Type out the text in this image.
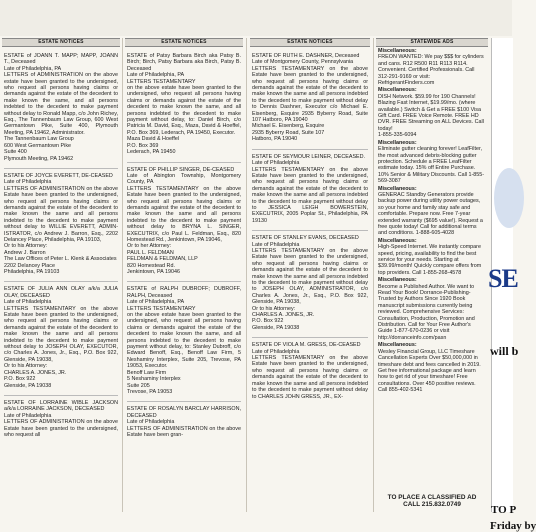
ESTATE NOTICES
ESTATE of JOANN T. MAPP; MAPP, JOANN T., Deceased
Late of Philadelphia, PA
LETTERS of ADMINISTRATION on the above estate have been granted to the undersigned, who request all persons having claims or demands against the estate of the decedent to make known the same, and all persons indebted to the decedent to make payment without delay to Ronald Mapp, c/o John Richey, Esq., The Tannenbaum Law Group, 600 West Germantown Pike, Suite 400, Plymouth Meeting, PA 19462, Administrator.
The Tannenbaum Law Group
600 West Germantown Pike
Suite 400
Plymouth Meeting, PA 19462
ESTATE OF JOYCE EVERETT, DE-CEASED
Late of Philadelphia
LETTERS OF ADMINISTRATION on the above Estate have been granted to the undersigned, who request all persons having claims or demands against the estate of the decedent to make known the same and all persons indebted to the decedent to make payment without delay to WILLIE EVERETT, ADMIN-ISTRATOR, c/o Andrew J. Barron, Esq., 2202 Delancey Place, Philadelphia, PA 19103,
Or to his Attorney:
Andrew J. Barron
The Law Offices of Peter L. Klenk & Associates
2202 Delancey Place
Philadelphia, PA 19103
ESTATE OF JULIA ANN OLAY a/k/a JULIA OLAY, DECEASED
Late of Philadelphia
LETTERS TESTAMENTARY on the above Estate have been granted to the undersigned, who request all persons having claims or demands against the estate of the decedent to make known the same and all persons indebted to the decedent to make payment without delay to JOSEPH OLAY, EXECUTOR, c/o Charles A. Jones, Jr., Esq., P.O. Box 922, Glenside, PA 19038,
Or to his Attorney:
CHARLES A. JONES, JR.
P.O. Box 922
Glenside, PA 19038
ESTATE OF LORRAINE WIBLE JACKSON a/k/a LORRAINE JACKSON, DECEASED
Late of Philadelphia
LETTERS OF ADMINISTRATION on the above Estate have been granted to the undersigned, who request all
ESTATE NOTICES
ESTATE of Patsy Barbara Birch aka Patsy B. Birch; Birch, Patsy Barbara aka Birch, Patsy B. Deceased
Late of Philadelphia, PA
LETTERS TESTAMENTARY
on the above estate have been granted to the undersigned, who request all persons having claims or demands against the estate of the decedent to make known the same, and all persons indebted to the decedent to make payment without delay, to: Daniel Birch, c/o Patricia M. David, Esq., Maza, David & Hoeffel, P.O. Box 369, Lederach, PA 19450, Executor.
Maza David & Hoeffel
P.O. Box 369
Lederach, PA 19450
ESTATE OF PHILLIP SINGER, DE-CEASED
Late of Abington Township, Montgomery County, PA
LETTERS TESTAMENTARY on the above Estate have been granted to the undersigned, who request all persons having claims or demands against the estate of the decedent to make known the same and all persons indebted to the decedent to make payment without delay to BRYNA L. SINGER, EXECUTRIX, c/o Paul L. Feldman, Esq., 820 Homestead Rd., Jenkintown, PA 19046,
Or to her Attorney:
PAUL L. FELDMAN
FELDMAN & FELDMAN, LLP
820 Homestead Rd.
Jenkintown, PA 19046
ESTATE of RALPH DUBROFF; DUBROFF, RALPH, Deceased
Late of Philadelphia, PA
LETTERS TESTAMENTARY
on the above estate have been granted to the undersigned, who request all persons having claims or demands against the estate of the decedent to make known the same, and all persons indebted to the decedent to make payment without delay, to: Stanley Dubroff, c/o Edward Benoff, Esq., Benoff Law Firm, 5 Neshaminy Interplex, Suite 205, Trevose, PA 19053, Executor.
Benoff Law Firm
5 Neshaminy Interplex
Suite 205
Trevose, PA 19053
ESTATE OF ROSALYN BARCLAY HARRISON, DECEASED
Late of Philadelphia
LETTERS OF ADMINISTRATION on the above Estate have been gran-
ESTATE NOTICES
ESTATE OF RUTH E. DASHNER, Deceased
Late of Montgomery County, Pennsylvania
LETTERS TESTAMENTARY on the above Estate have been granted to the undersigned, who request all persons having claims or demands against the estate of the decedent to make known the same and all persons indebted to the decedent to make payment without delay to Dennis Dashner, Executor c/o Michael E. Eisenberg, Esquire 2935 Byberry Road, Suite 107 Hatboro, PA 19040
Michael E. Eisenberg, Esquire
2935 Byberry Road, Suite 107
Hatboro, PA 19040
ESTATE OF SEYMOUR LEINER, DECEASED.
Late of Philadelphia
LETTERS TESTAMENTARY on the above Estate have been granted to the undersigned, who request all persons having claims or demands against the estate of the decedent to make known the same and all persons indebted to the decedent to make payment without delay to JESSICA LEIGH BOWERSTEIN, EXECUTRIX, 2005 Poplar St., Philadelphia, PA 19130
ESTATE OF STANLEY EVANS, DECEASED
Late of Philadelphia
LETTERS TESTAMENTARY on the above Estate have been granted to the undersigned, who request all persons having claims or demands against the estate of the decedent to make known the same and all persons indebted to the decedent to make payment without delay to JOSEPH OLAY, ADMINISTRATOR, c/o Charles A. Jones, Jr., Esq., P.O. Box 922, Glenside, PA 19038,
Or to his Attorney:
CHARLES A. JONES, JR.
P.O. Box 922
Glenside, PA 19038
ESTATE OF VIOLA M. GRESS, DE-CEASED
Late of Philadelphia
LETTERS TESTAMENTARY on the above Estate have been granted to the undersigned, who request all persons having claims or demands against the estate of the decedent to make known the same and all persons indebted to the decedent to make payment without delay to CHARLES JOHN GRESS, JR., EX-
STATEWIDE ADS
Miscellaneous:
FREON WANTED: We pay $$$ for cylinders and cans. R12 R500 R11 R113 R114. Convenient. Certified Professionals. Call 312-291-9169 or visit:
RefrigerantFinders.com
Miscellaneous:
DISH Network. $59.99 for 190 Channels! Blazing Fast Internet, $19.99/mo. (where available.) Switch & Get a FREE $100 Visa Gift Card. FREE Voice Remote. FREE HD DVR. FREE Streaming on ALL Devices. Call today!
1-855-335-6094
Miscellaneous:
Eliminate gutter cleaning forever! LeafFilter, the most advanced debris-blocking gutter protection. Schedule a FREE LeafFilter estimate today. 15% off Entire Purchase. 10% Senior & Military Discounts. Call 1-855-569-3087
Miscellaneous:
GENERAC Standby Generators provide backup power during utility power outages, so your home and family stay safe and comfortable. Prepare now. Free 7-year extended warranty ($695 value!). Request a free quote today! Call for additional terms and conditions. 1-888-605-4028
Miscellaneous:
High-Speed Internet. We instantly compare speed, pricing, availability to find the best service for your needs. Starting at $39.99/month! Quickly compare offers from top providers. Call 1-855-268-4578
Miscellaneous:
Become a Published Author. We want to Read Your Book! Dorrance-Publishing-Trusted by Authors Since 1920 Book manuscript submissions currently being reviewed. Comprehensive Services: Consultation, Production, Promotion and Distribution. Call for Your Free Author's Guide 1-877-670-0236 or visit
http://dorranceinfo.com/pasn
Miscellaneous:
Wesley Financial Group, LLC Timeshare Cancellation Experts Over $50,000,000 in timeshare debt and fees cancelled in 2019. Get free informational package and learn how to get rid of your timeshare! Free consultations. Over 450 positive reviews. Call 855-402-5341
TO PLACE A CLASSIFIED AD
CALL 215.832.0749
SE
will b
TO P
Friday by
